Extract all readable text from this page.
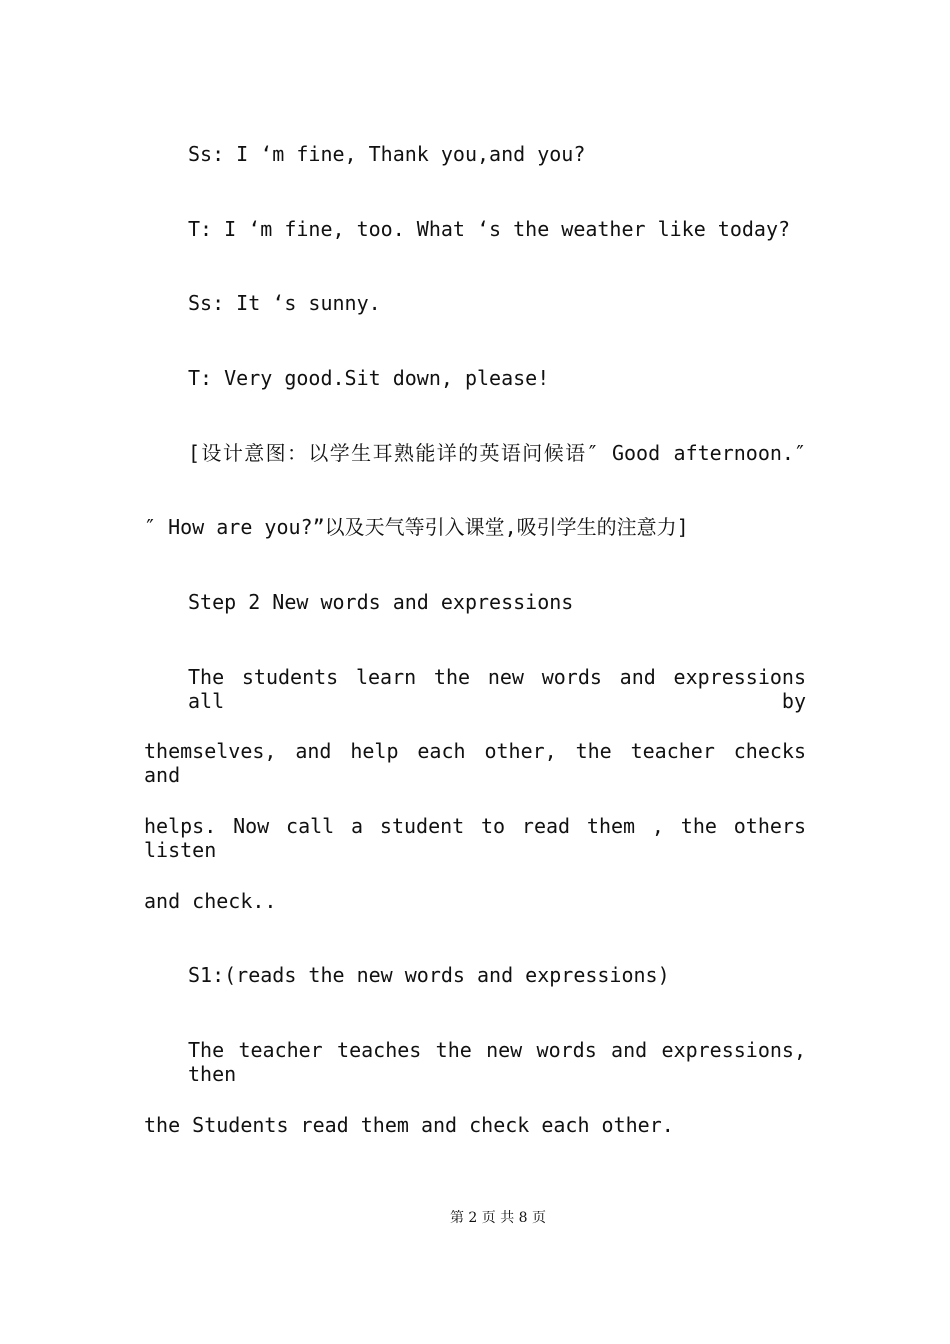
Ss: I ‘m fine, Thank you,and you?
T: I ‘m fine, too. What ‘s the weather like today?
Ss: It ‘s sunny.
T: Very good.Sit down, please!
[设计意图：以学生耳熟能详的英语问候语″ Good afternoon.″
″ How are you?”以及天气等引入课堂,吸引学生的注意力]
Step 2 New words and expressions
The students learn the new words and expressions all by
themselves, and help each other, the teacher checks and
helps. Now call a student to read them , the others listen
and check..
S1:(reads the new words and expressions)
The teacher teaches the new words and expressions, then
the Students read them and check each other.
第 2 页 共 8 页
